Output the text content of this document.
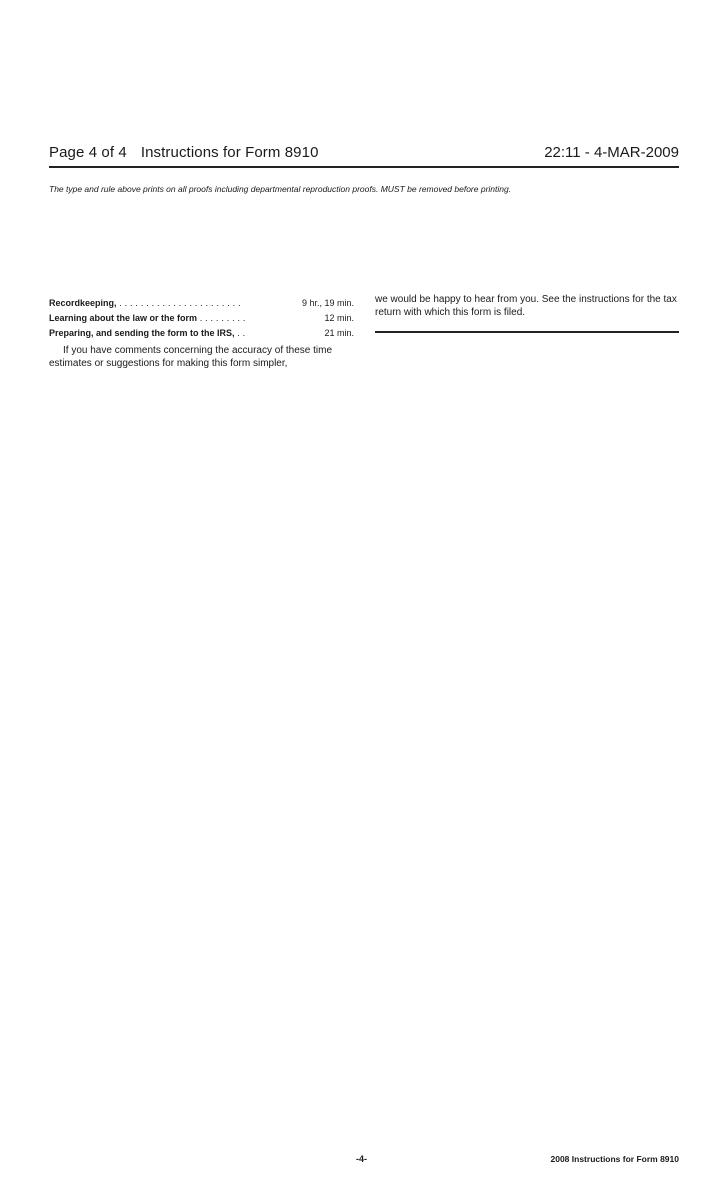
Page 4 of 4 Instructions for Form 8910	22:11 - 4-MAR-2009
The type and rule above prints on all proofs including departmental reproduction proofs. MUST be removed before printing.
Recordkeeping, . . . . . . . . . . . . . . . . . . . . . . .	9 hr., 19 min.
Learning about the law or the form . . . . . . . . .	12 min.
Preparing, and sending the form to the IRS, . .	21 min.

If you have comments concerning the accuracy of these time estimates or suggestions for making this form simpler,

we would be happy to hear from you. See the instructions for the tax return with which this form is filed.

-4-	2008 Instructions for Form 8910
